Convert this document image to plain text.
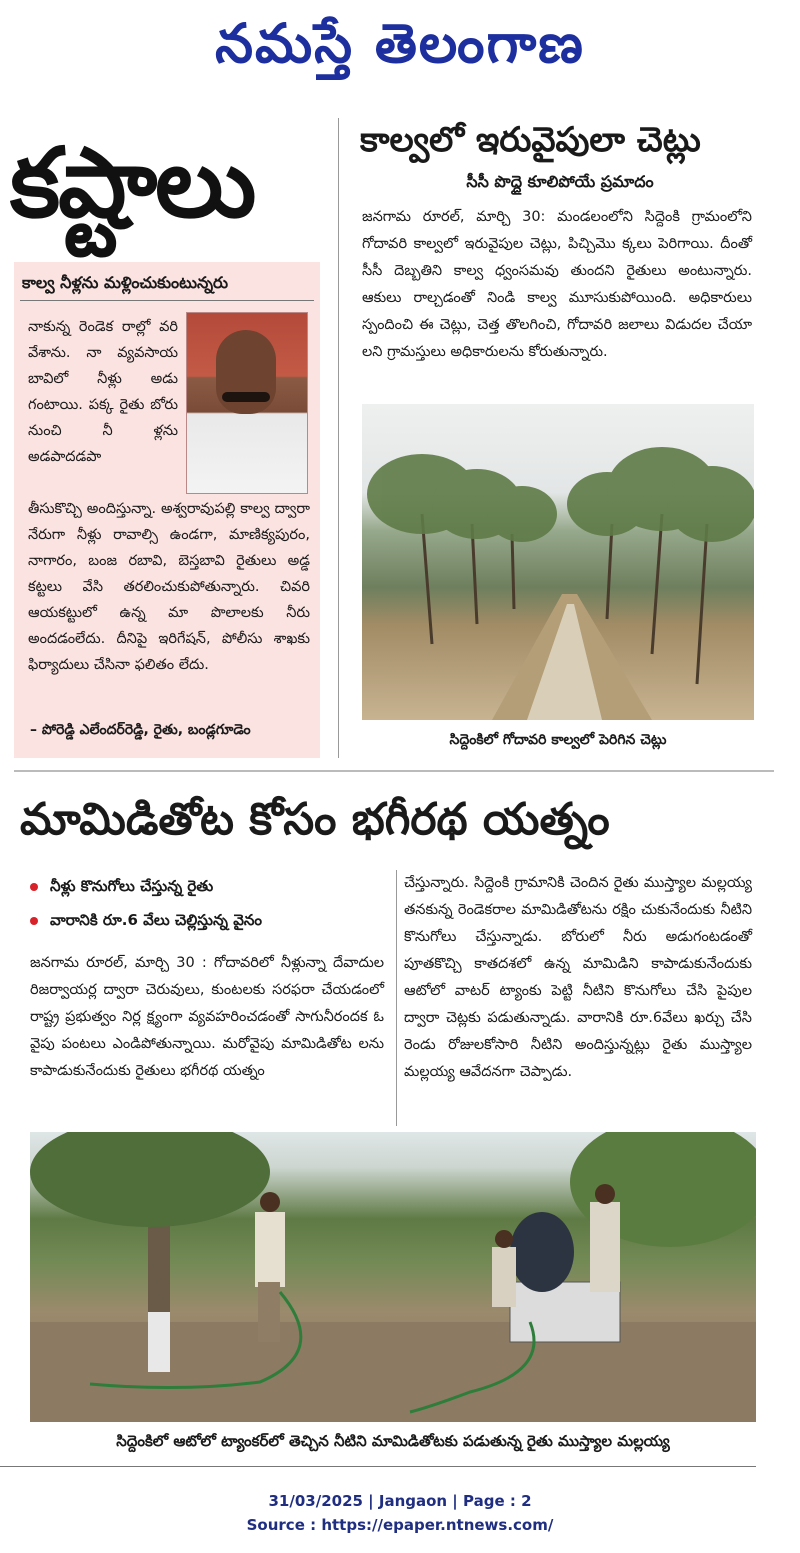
నమస్తే తెలంగాణ
కష్టాలు
కాల్వ నీళ్లను మళ్లించుకుంటున్నరు
నాకున్న రెండెక రాల్లో వరి వేశాను. నా వ్యవసాయ బావిలో నీళ్లు అడు గంటాయి. పక్క రైతు బోరు నుంచి నీ ళ్లను అడపాదడపా
తీసుకొచ్చి అందిస్తున్నా. అశ్వరావుపల్లి కాల్వ ద్వారా నేరుగా నీళ్లు రావాల్సి ఉండగా, మాణిక్యపురం, నాగారం, బంజ రబావి, బెస్తబావి రైతులు అడ్డ కట్టలు వేసి తరలించుకుపోతున్నారు. చివరి ఆయకట్టులో ఉన్న మా పొలాలకు నీరు అందడంలేదు. దీనిపై ఇరిగేషన్, పోలీసు శాఖకు ఫిర్యాదులు చేసినా ఫలితం లేదు.
– పోరెడ్డి ఎలేందర్‌రెడ్డి, రైతు, బండ్లగూడెం
కాల్వలో ఇరువైపులా చెట్లు
సీసీ పొద్దై కూలిపోయే ప్రమాదం
జనగామ రూరల్, మార్చి 30: మండలంలోని సిద్దెంకి గ్రామంలోని గోదావరి కాల్వలో ఇరువైపుల చెట్లు, పిచ్చిమొ క్కలు పెరిగాయి. దీంతో సీసీ దెబ్బతిని కాల్వ ధ్వంసమవు తుందని రైతులు అంటున్నారు. ఆకులు రాల్చడంతో నిండి కాల్వ మూసుకుపోయింది. అధికారులు స్పందించి ఈ చెట్లు, చెత్త తొలగించి, గోదావరి జలాలు విడుదల చేయా లని గ్రామస్తులు అధికారులను కోరుతున్నారు.
సిద్దెంకిలో గోదావరి కాల్వలో పెరిగిన చెట్లు
మామిడితోట కోసం భగీరథ యత్నం
నీళ్లు కొనుగోలు చేస్తున్న రైతు
వారానికి రూ.6 వేలు చెల్లిస్తున్న వైనం
జనగామ రూరల్, మార్చి 30 : గోదావరిలో నీళ్లున్నా దేవాదుల రిజర్వాయర్ల ద్వారా చెరువులు, కుంటలకు సరఫరా చేయడంలో రాష్ట్ర ప్రభుత్వం నిర్ల క్ష్యంగా వ్యవహరించడంతో సాగునీరందక ఓ వైపు పంటలు ఎండిపోతున్నాయి. మరోవైపు మామిడితోట లను కాపాడుకునేందుకు రైతులు భగీరథ యత్నం
చేస్తున్నారు. సిద్దెంకి గ్రామానికి చెందిన రైతు ముస్త్యాల మల్లయ్య తనకున్న రెండెకరాల మామిడితోటను రక్షిం చుకునేందుకు నీటిని కొనుగోలు చేస్తున్నాడు. బోరులో నీరు అడుగంటడంతో పూతకొచ్చి కాతదశలో ఉన్న మామిడిని కాపాడుకునేందుకు ఆటోలో వాటర్ ట్యాంకు పెట్టి నీటిని కొనుగోలు చేసి పైపుల ద్వారా చెట్లకు పడుతున్నాడు. వారానికి రూ.6వేలు ఖర్చు చేసి రెండు రోజులకోసారి నీటిని అందిస్తున్నట్లు రైతు ముస్త్యాల మల్లయ్య ఆవేదనగా చెప్పాడు.
సిద్దెంకిలో ఆటోలో ట్యాంకర్‌లో తెచ్చిన నీటిని మామిడితోటకు పడుతున్న రైతు ముస్త్యాల మల్లయ్య
31/03/2025 | Jangaon | Page : 2
Source : https://epaper.ntnews.com/
